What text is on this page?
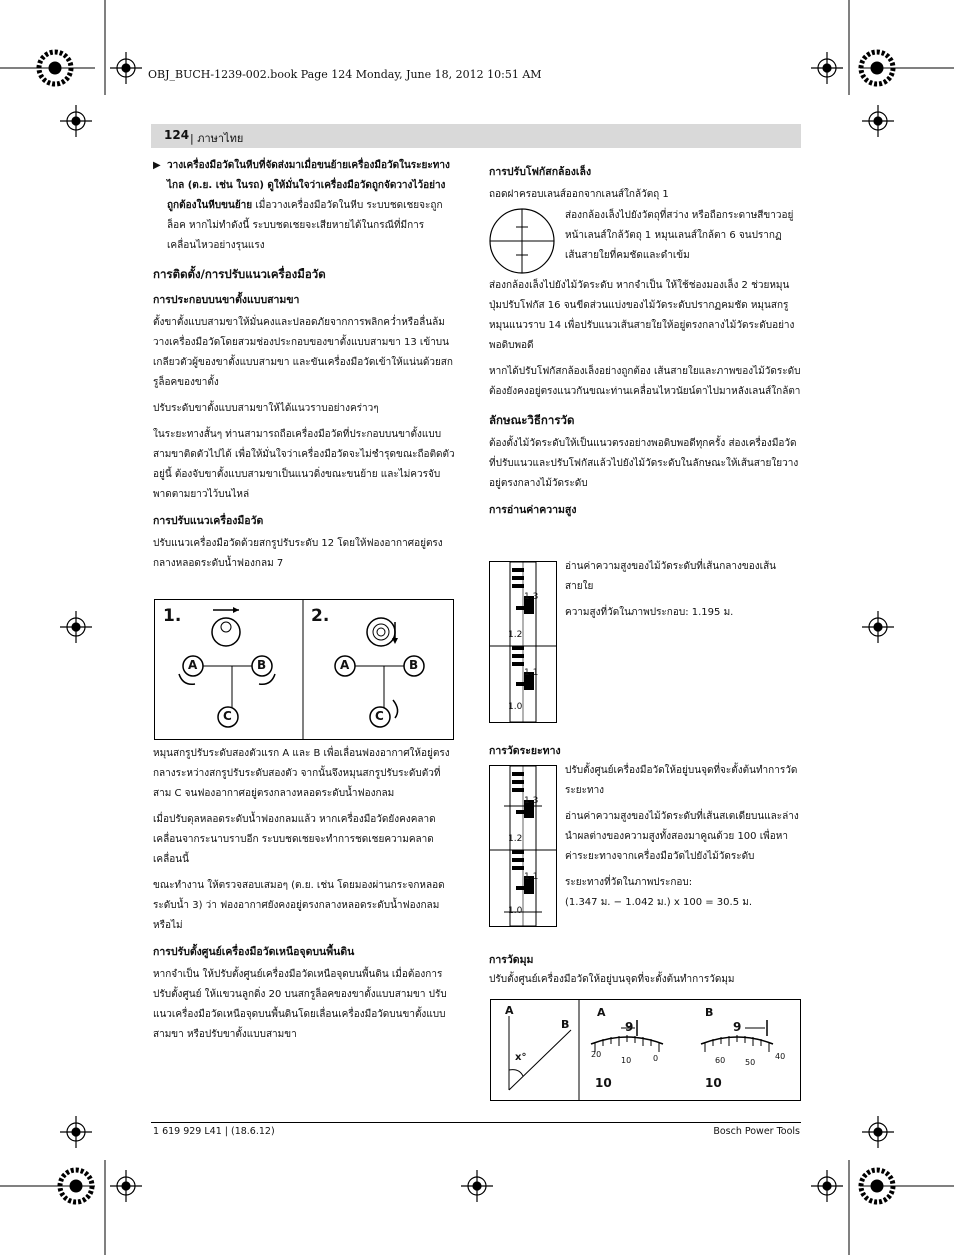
OBJ_BUCH-1239-002.book Page 124 Monday, June 18, 2012 10:51 AM
124 | ภาษาไทย
▶ วางเครื่องมือวัดในหีบที่จัดส่งมาเมื่อขนย้ายเครื่องมือวัดในระยะทางไกล (ต.ย. เช่น ในรถ) ดูให้มั่นใจว่าเครื่องมือวัดถูกจัดวางไว้อย่างถูกต้องในหีบขนย้าย เมื่อวางเครื่องมือวัดในหีบ ระบบชดเชยจะถูกล็อค หากไม่ทำดังนี้ ระบบชดเชยจะเสียหายได้ในกรณีที่มีการเคลื่อนไหวอย่างรุนแรง
การติดตั้ง/การปรับแนวเครื่องมือวัด
การประกอบบนขาตั้งแบบสามขา

ตั้งขาตั้งแบบสามขาให้มั่นคงและปลอดภัยจากการพลิกคว่ำหรือลื่นล้ม วางเครื่องมือวัดโดยสวมช่องประกอบของขาตั้งแบบสามขา 13 เข้าบนเกลียวตัวผู้ของขาตั้งแบบสามขา และขันเครื่องมือวัดเข้าให้แน่นด้วยสกรูล็อคของขาตั้ง

ปรับระดับขาตั้งแบบสามขาให้ได้แนวราบอย่างคร่าวๆ

ในระยะทางสั้นๆ ท่านสามารถถือเครื่องมือวัดที่ประกอบบนขาตั้งแบบสามขาติดตัวไปได้ เพื่อให้มั่นใจว่าเครื่องมือวัดจะไม่ชำรุดขณะถือติดตัวอยู่นี้ ต้องจับขาตั้งแบบสามขาเป็นแนวดิ่งขณะขนย้าย และไม่ควรจับพาดตามยาวไว้บนไหล่

การปรับแนวเครื่องมือวัด

ปรับแนวเครื่องมือวัดด้วยสกรูปรับระดับ 12 โดยให้ฟองอากาศอยู่ตรงกลางหลอดระดับน้ำฟองกลม 7

1.	2.
A	B
C
A	B
C

หมุนสกรูปรับระดับสองตัวแรก A และ B เพื่อเลื่อนฟองอากาศให้อยู่ตรงกลางระหว่างสกรูปรับระดับสองตัว จากนั้นจึงหมุนสกรูปรับระดับตัวที่สาม C จนฟองอากาศอยู่ตรงกลางหลอดระดับน้ำฟองกลม

เมื่อปรับดุลหลอดระดับน้ำฟองกลมแล้ว หากเครื่องมือวัดยังคงคลาดเคลื่อนจากระนาบราบอีก ระบบชดเชยจะทำการชดเชยความคลาดเคลื่อนนี้

ขณะทำงาน ให้ตรวจสอบเสมอๆ (ต.ย. เช่น โดยมองผ่านกระจกหลอดระดับน้ำ 3) ว่า ฟองอากาศยังคงอยู่ตรงกลางหลอดระดับน้ำฟองกลมหรือไม่

การปรับตั้งศูนย์เครื่องมือวัดเหนือจุดบนพื้นดิน

หากจำเป็น ให้ปรับตั้งศูนย์เครื่องมือวัดเหนือจุดบนพื้นดิน เมื่อต้องการปรับตั้งศูนย์ ให้แขวนลูกดิ่ง 20 บนสกรูล็อคของขาตั้งแบบสามขา ปรับแนวเครื่องมือวัดเหนือจุดบนพื้นดินโดยเลื่อนเครื่องมือวัดบนขาตั้งแบบสามขา หรือปรับขาตั้งแบบสามขา

การปรับโฟกัสกล้องเล็ง

ถอดฝาครอบเลนส์ออกจากเลนส์ใกล้วัตถุ 1

ส่องกล้องเล็งไปยังวัตถุที่สว่าง หรือถือกระดาษสีขาวอยู่หน้าเลนส์ใกล้วัตถุ 1 หมุนเลนส์ใกล้ตา 6 จนปรากฏเส้นสายใยที่คมชัดและดำเข้ม

ส่องกล้องเล็งไปยังไม้วัดระดับ หากจำเป็น ให้ใช้ช่องมองเล็ง 2 ช่วยหมุนปุ่มปรับโฟกัส 16 จนขีดส่วนแบ่งของไม้วัดระดับปรากฏคมชัด หมุนสกรูหมุนแนวราบ 14 เพื่อปรับแนวเส้นสายใยให้อยู่ตรงกลางไม้วัดระดับอย่างพอดิบพอดี

หากได้ปรับโฟกัสกล้องเล็งอย่างถูกต้อง เส้นสายใยและภาพของไม้วัดระดับต้องยังคงอยู่ตรงแนวกันขณะท่านเคลื่อนไหวนัยน์ตาไปมาหลังเลนส์ใกล้ตา

ลักษณะวิธีการวัด

ต้องตั้งไม้วัดระดับให้เป็นแนวตรงอย่างพอดิบพอดีทุกครั้ง ส่องเครื่องมือวัดที่ปรับแนวและปรับโฟกัสแล้วไปยังไม้วัดระดับในลักษณะให้เส้นสายใยวางอยู่ตรงกลางไม้วัดระดับ

การอ่านค่าความสูง
1.3
1.2
1.1
1.0
อ่านค่าความสูงของไม้วัดระดับที่เส้นกลางของเส้นสายใย
ความสูงที่วัดในภาพประกอบ: 1.195 ม.
การวัดระยะทาง
1.3
1.2
1.1
1.0

ปรับตั้งศูนย์เครื่องมือวัดให้อยู่บนจุดที่จะตั้งต้นทำการวัดระยะทาง

อ่านค่าความสูงของไม้วัดระดับที่เส้นสเตเดียบนและล่าง นำผลต่างของความสูงทั้งสองมาคูณด้วย 100 เพื่อหาค่าระยะทางจากเครื่องมือวัดไปยังไม้วัดระดับ

ระยะทางที่วัดในภาพประกอบ:

(1.347 ม. − 1.042 ม.) x 100 = 30.5 ม.

การวัดมุม
ปรับตั้งศูนย์เครื่องมือวัดให้อยู่บนจุดที่จะตั้งต้นทำการวัดมุม
A
B
x°
A	B
9
10
20
10	0
9
10
60 50
40
1 619 929 L41 | (18.6.12)	Bosch Power Tools
